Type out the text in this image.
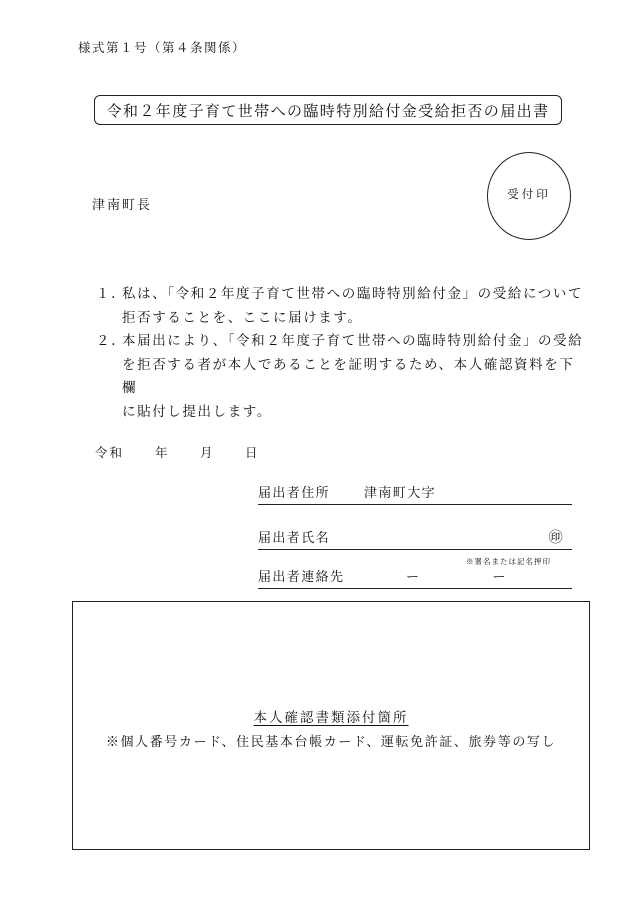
様式第１号（第４条関係）
令和２年度子育て世帯への臨時特別給付金受給拒否の届出書
津南町長
受付印
１. 私は、「令和２年度子育て世帯への臨時特別給付金」の受給について
拒否することを、ここに届けます。
２. 本届出により、「令和２年度子育て世帯への臨時特別給付金」の受給
を拒否する者が本人であることを証明するため、本人確認資料を下欄
に貼付し提出します。
令和 年 月 日
届出者住所	津南町大字
届出者氏名	㊞
※署名または記名押印
届出者連絡先	ー　　　　　ー
本人確認書類添付箇所
※個人番号カード、住民基本台帳カード、運転免許証、旅券等の写し
